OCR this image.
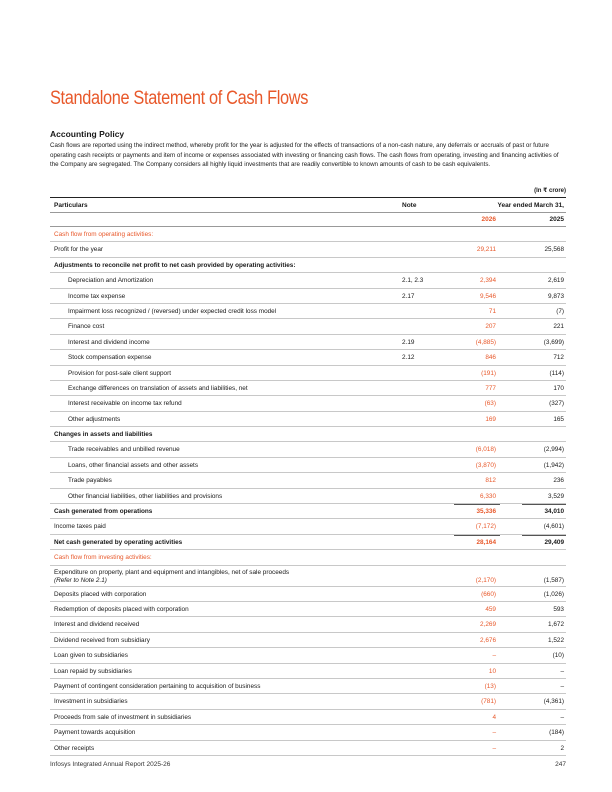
Standalone Statement of Cash Flows
Accounting Policy
Cash flows are reported using the indirect method, whereby profit for the year is adjusted for the effects of transactions of a non-cash nature, any deferrals or accruals of past or future operating cash receipts or payments and item of income or expenses associated with investing or financing cash flows. The cash flows from operating, investing and financing activities of the Company are segregated. The Company considers all highly liquid investments that are readily convertible to known amounts of cash to be cash equivalents.
(In ₹ crore)
Particulars	Note	Year ended March 31,
2026	2025
Cash flow from operating activities:
Profit for the year	29,211	25,568
Adjustments to reconcile net profit to net cash provided by operating activities:
Depreciation and Amortization	2.1, 2.3	2,394	2,619
Income tax expense	2.17	9,546	9,873
Impairment loss recognized / (reversed) under expected credit loss model	71	(7)
Finance cost	207	221
Interest and dividend income	2.19	(4,885)	(3,699)
Stock compensation expense	2.12	846	712
Provision for post-sale client support	(191)	(114)
Exchange differences on translation of assets and liabilities, net	777	170
Interest receivable on income tax refund	(63)	(327)
Other adjustments	169	165
Changes in assets and liabilities
Trade receivables and unbilled revenue	(6,018)	(2,994)
Loans, other financial assets and other assets	(3,870)	(1,942)
Trade payables	812	236
Other financial liabilities, other liabilities and provisions	6,330	3,529
Cash generated from operations	35,336	34,010
Income taxes paid	(7,172)	(4,601)
Net cash generated by operating activities	28,164	29,409
Cash flow from investing activities:
Expenditure on property, plant and equipment and intangibles, net of sale proceeds
(Refer to Note 2.1)	(2,170)	(1,587)
Deposits placed with corporation	(660)	(1,026)
Redemption of deposits placed with corporation	459	593
Interest and dividend received	2,269	1,672
Dividend received from subsidiary	2,676	1,522
Loan given to subsidiaries	–	(10)
Loan repaid by subsidiaries	10	–
Payment of contingent consideration pertaining to acquisition of business	(13)	–
Investment in subsidiaries	(781)	(4,361)
Proceeds from sale of investment in subsidiaries	4	–
Payment towards acquisition	–	(184)
Other receipts	–	2
Infosys Integrated Annual Report 2025-26	247
